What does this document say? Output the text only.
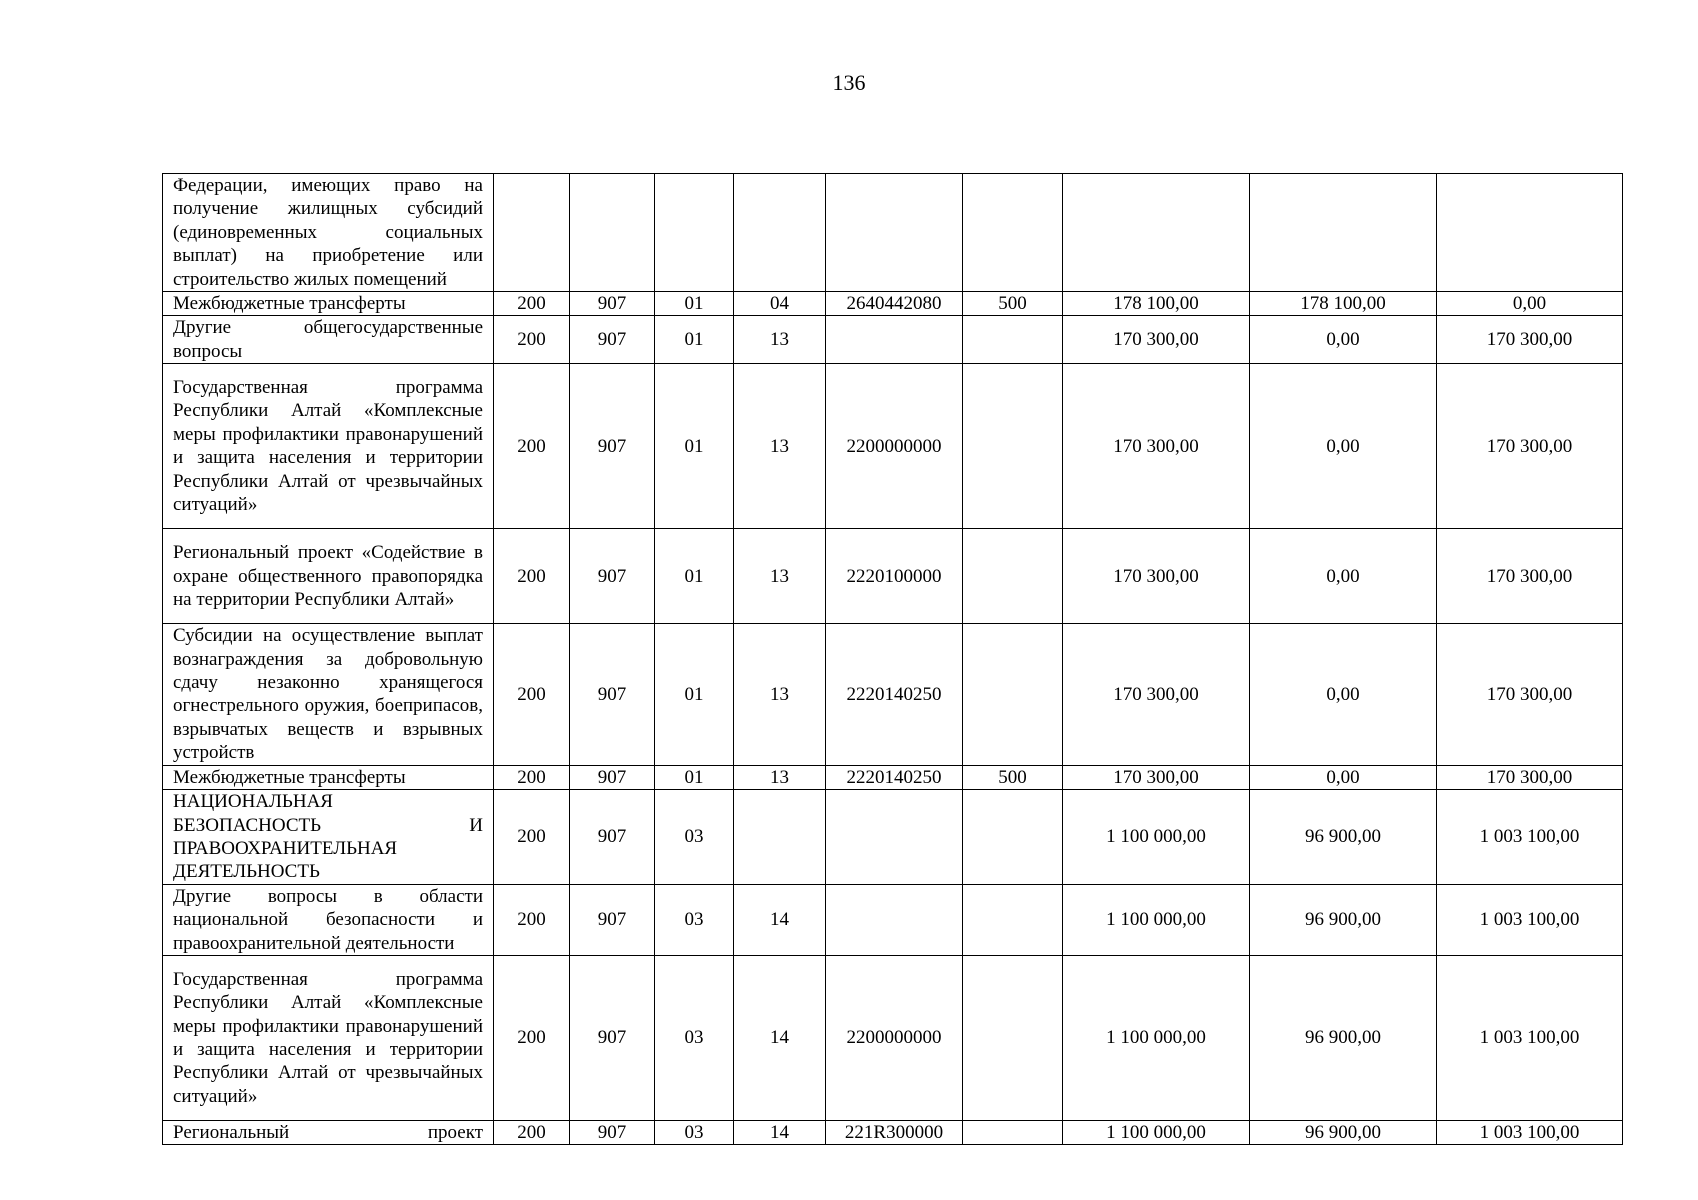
136
Федерации, имеющих право на получение жилищных субсидий (единовременных социальных выплат) на приобретение или строительство жилых помещений									
Межбюджетные трансферты	200	907	01	04	2640442080	500	178 100,00	178 100,00	0,00
Другие общегосударственные вопросы	200	907	01	13			170 300,00	0,00	170 300,00
Государственная программа Республики Алтай «Комплексные меры профилактики правонарушений и защита населения и территории Республики Алтай от чрезвычайных ситуаций»	200	907	01	13	2200000000		170 300,00	0,00	170 300,00
Региональный проект «Содействие в охране общественного правопорядка на территории Республики Алтай»	200	907	01	13	2220100000		170 300,00	0,00	170 300,00
Субсидии на осуществление выплат вознаграждения за добровольную сдачу незаконно хранящегося огнестрельного оружия, боеприпасов, взрывчатых веществ и взрывных устройств	200	907	01	13	2220140250		170 300,00	0,00	170 300,00
Межбюджетные трансферты	200	907	01	13	2220140250	500	170 300,00	0,00	170 300,00
НАЦИОНАЛЬНАЯ БЕЗОПАСНОСТЬ И ПРАВООХРАНИТЕЛЬНАЯ ДЕЯТЕЛЬНОСТЬ	200	907	03				1 100 000,00	96 900,00	1 003 100,00
Другие вопросы в области национальной безопасности и правоохранительной деятельности	200	907	03	14			1 100 000,00	96 900,00	1 003 100,00
Государственная программа Республики Алтай «Комплексные меры профилактики правонарушений и защита населения и территории Республики Алтай от чрезвычайных ситуаций»	200	907	03	14	2200000000		1 100 000,00	96 900,00	1 003 100,00
Региональный проект	200	907	03	14	221R300000		1 100 000,00	96 900,00	1 003 100,00
